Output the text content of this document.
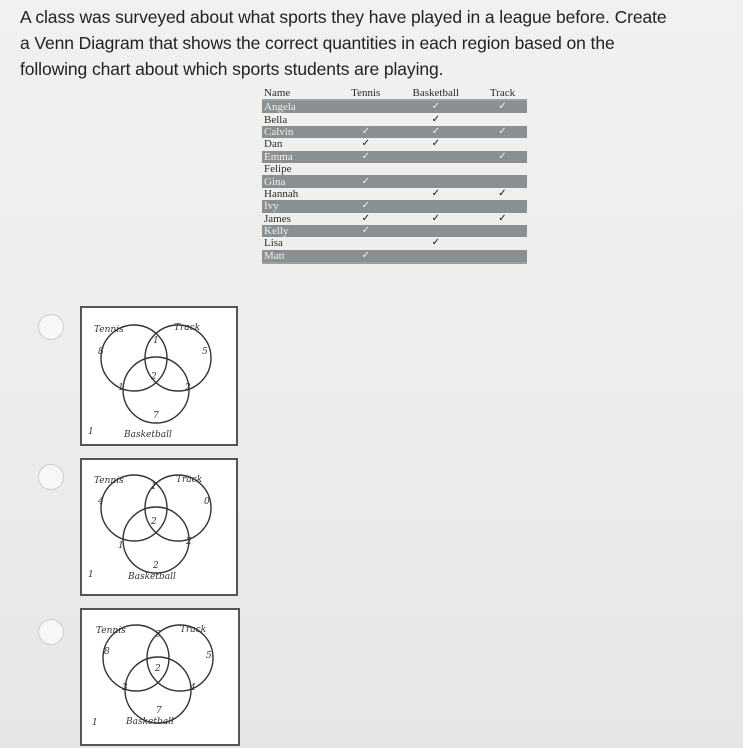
A class was surveyed about what sports they have played in a league before. Create
a Venn Diagram that shows the correct quantities in each region based on the
following chart about which sports students are playing.
Name	Tennis	Basketball	Track
Angela		✓	✓
Bella		✓	
Calvin	✓	✓	✓
Dan	✓	✓	
Emma	✓		✓
Felipe			
Gina	✓		
Hannah		✓	✓
Ivy	✓		
James	✓	✓	✓
Kelly	✓		
Lisa		✓	
Matt	✓		
Tennis	Track
Basketball
8
1
5
1
2
2
7
1
Tennis	Track
Basketball
4
1
0
1
2
2
2
1
Tennis	Track
Basketball
8
3
5
3
2
4
7
1
